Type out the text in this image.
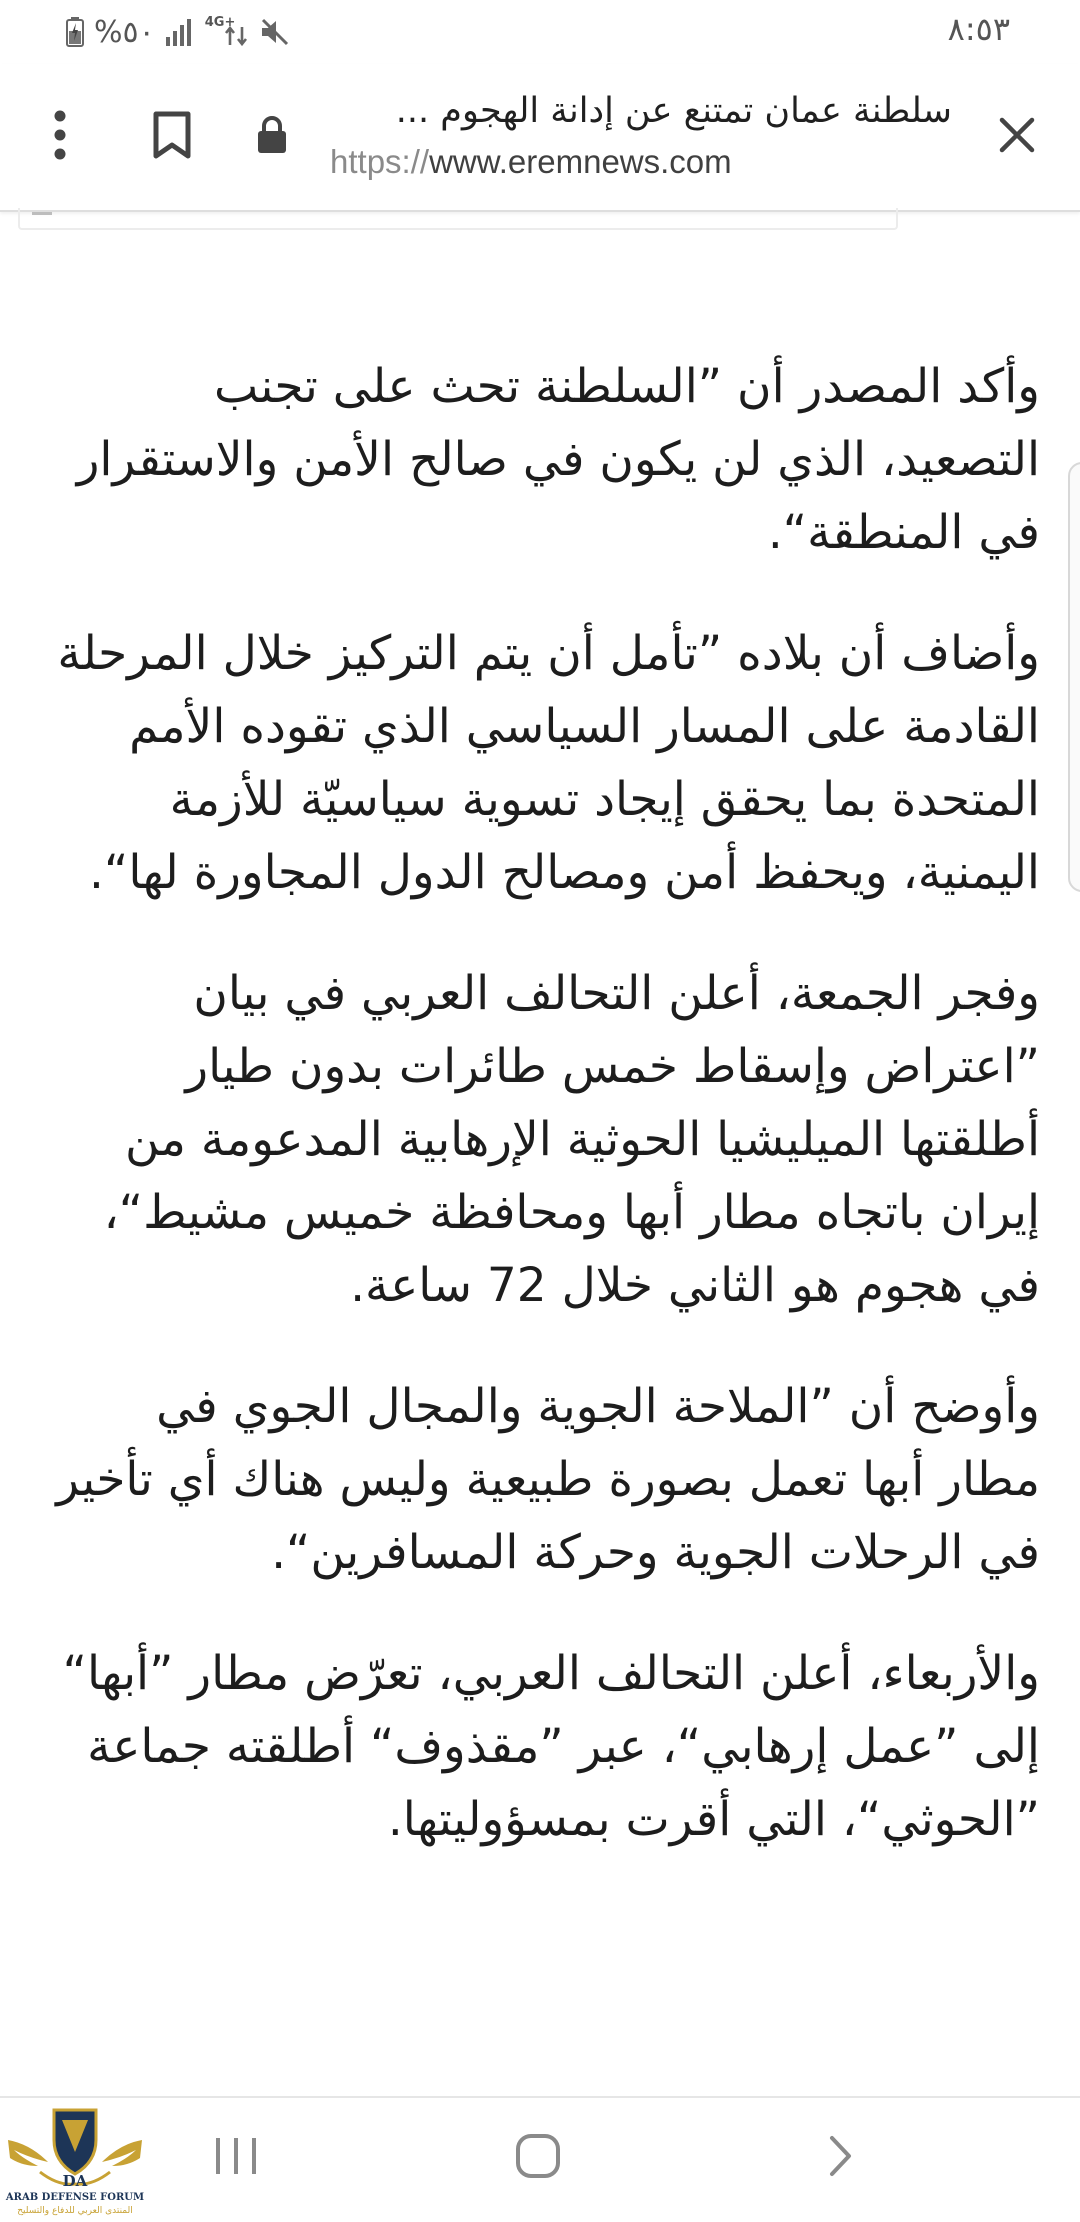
%٥٠	4G+	٨:٥٣
سلطنة عمان تمتنع عن إدانة الهجوم ...
https://www.eremnews.com

وأكد المصدر أن ”السلطنة تحث على تجنب التصعيد، الذي لن يكون في صالح الأمن والاستقرار في المنطقة“.

وأضاف أن بلاده ”تأمل أن يتم التركيز خلال المرحلة القادمة على المسار السياسي الذي تقوده الأمم المتحدة بما يحقق إيجاد تسوية سياسيّة للأزمة اليمنية، ويحفظ أمن ومصالح الدول المجاورة لها“.

وفجر الجمعة، أعلن التحالف العربي في بيان ”اعتراض وإسقاط خمس طائرات بدون طيار أطلقتها الميليشيا الحوثية الإرهابية المدعومة من إيران باتجاه مطار أبها ومحافظة خميس مشيط“، في هجوم هو الثاني خلال 72 ساعة.

وأوضح أن ”الملاحة الجوية والمجال الجوي في مطار أبها تعمل بصورة طبيعية وليس هناك أي تأخير في الرحلات الجوية وحركة المسافرين“.

والأربعاء، أعلن التحالف العربي، تعرّض مطار ”أبها“ إلى ”عمل إرهابي“، عبر ”مقذوف“ أطلقته جماعة ”الحوثي“، التي أقرت بمسؤوليتها.

DA
ARAB DEFENSE FORUM
المنتدى العربي للدفاع والتسليح
